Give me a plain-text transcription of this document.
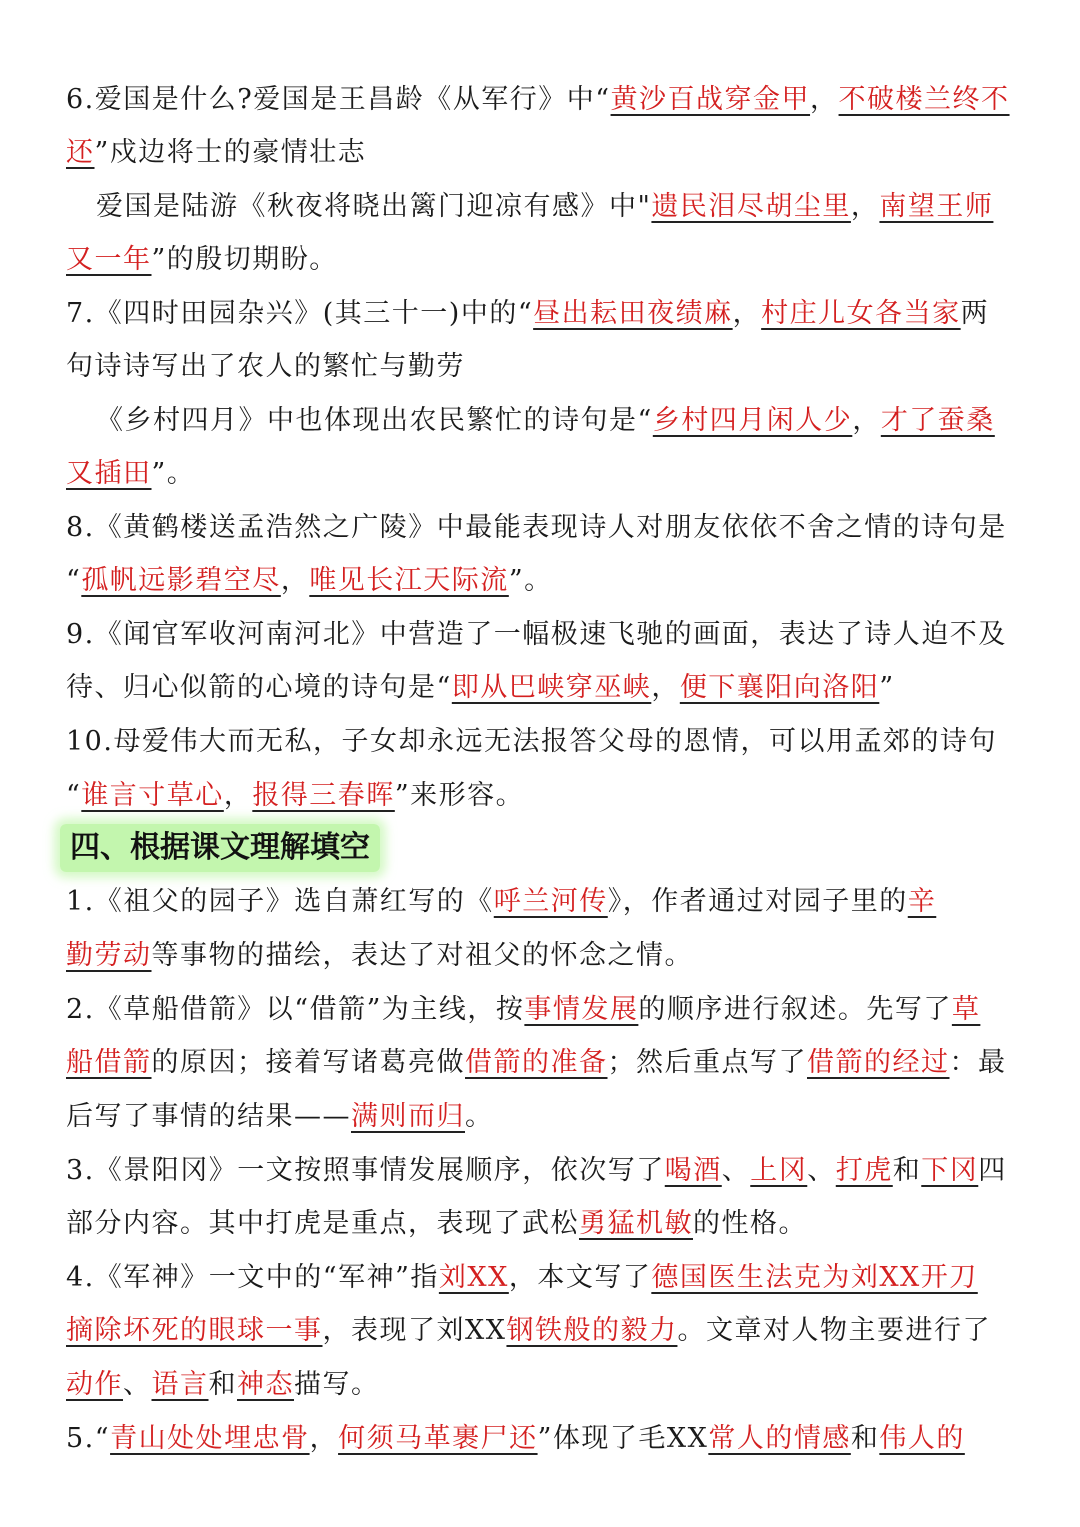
四、根据课文理解填空
6.爱国是什么?爱国是王昌龄《从军行》中“黄沙百战穿金甲，不破楼兰终不
还”戍边将士的豪情壮志
爱国是陆游《秋夜将晓出篱门迎凉有感》中"遗民泪尽胡尘里，南望王师
又一年”的殷切期盼。
7.《四时田园杂兴》(其三十一)中的“昼出耘田夜绩麻，村庄儿女各当家两
句诗诗写出了农人的繁忙与勤劳
《乡村四月》中也体现出农民繁忙的诗句是“乡村四月闲人少，才了蚕桑
又插田”。
8.《黄鹤楼送孟浩然之广陵》中最能表现诗人对朋友依依不舍之情的诗句是
“孤帆远影碧空尽，唯见长江天际流”。
9.《闻官军收河南河北》中营造了一幅极速飞驰的画面，表达了诗人迫不及
待、归心似箭的心境的诗句是“即从巴峡穿巫峡，便下襄阳向洛阳”
10.母爱伟大而无私，子女却永远无法报答父母的恩情，可以用孟郊的诗句
“谁言寸草心，报得三春晖”来形容。
1.《祖父的园子》选自萧红写的《呼兰河传》，作者通过对园子里的辛
勤劳动等事物的描绘，表达了对祖父的怀念之情。
2.《草船借箭》以“借箭”为主线，按事情发展的顺序进行叙述。先写了草
船借箭的原因；接着写诸葛亮做借箭的准备；然后重点写了借箭的经过：最
后写了事情的结果——满则而归。
3.《景阳冈》一文按照事情发展顺序，依次写了喝酒、上冈、打虎和下冈四
部分内容。其中打虎是重点，表现了武松勇猛机敏的性格。
4.《军神》一文中的“军神”指刘XX，本文写了德国医生法克为刘XX开刀
摘除坏死的眼球一事，表现了刘XX钢铁般的毅力。文章对人物主要进行了
动作、语言和神态描写。
5.“青山处处埋忠骨，何须马革裹尸还”体现了毛XX常人的情感和伟人的
